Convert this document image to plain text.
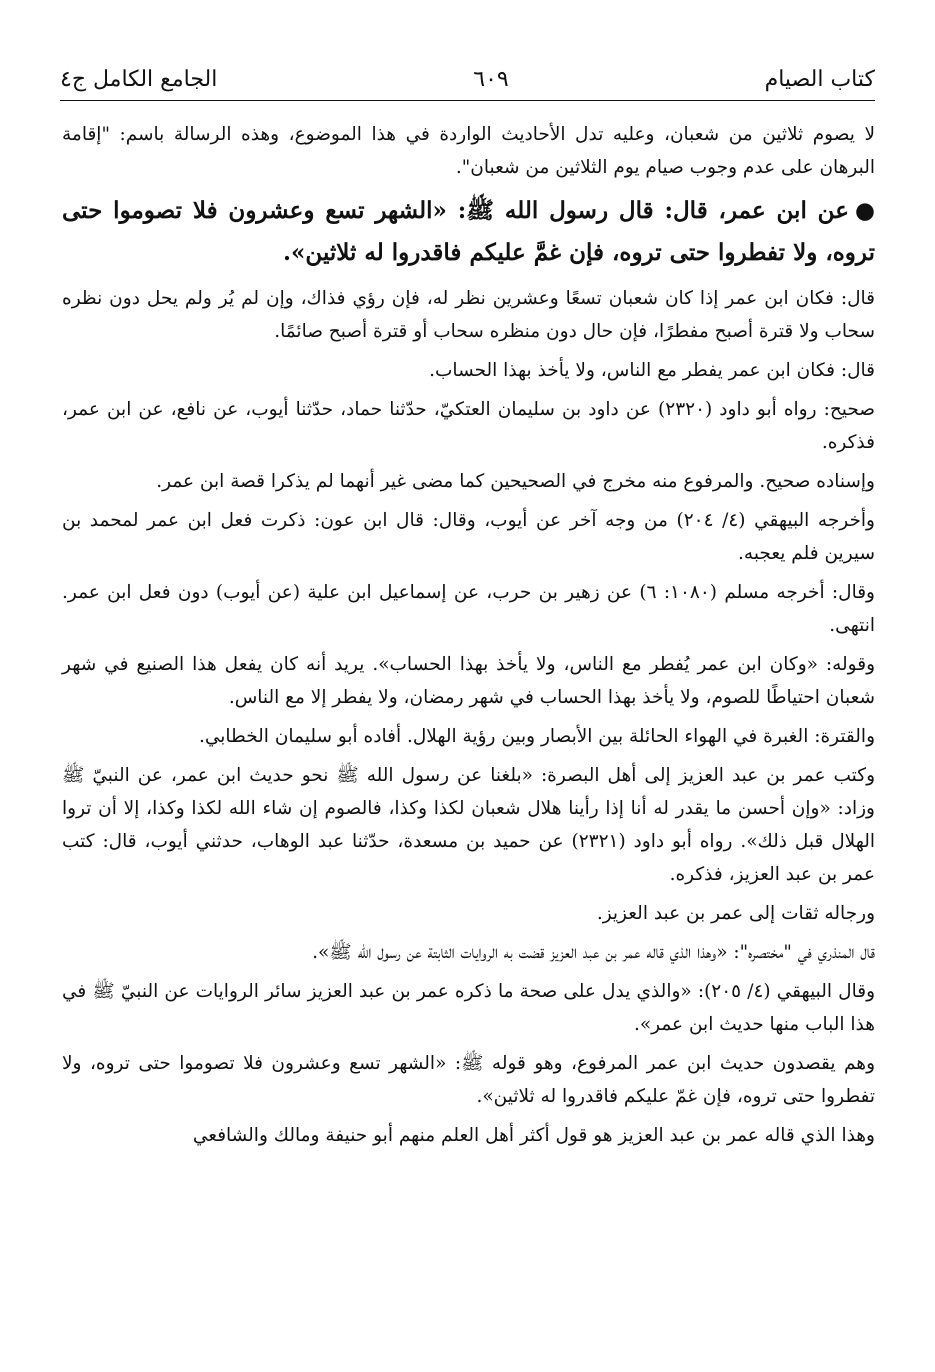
كتاب الصيام
٦٠٩
الجامع الكامل ج٤

لا يصوم ثلاثين من شعبان، وعليه تدل الأحاديث الواردة في هذا الموضوع، وهذه الرسالة باسم: "إقامة البرهان على عدم وجوب صيام يوم الثلاثين من شعبان".

●عن ابن عمر، قال: قال رسول الله ﷺ: «الشهر تسع وعشرون فلا تصوموا حتى تروه، ولا تفطروا حتى تروه، فإن غمَّ عليكم فاقدروا له ثلاثين».

قال: فكان ابن عمر إذا كان شعبان تسعًا وعشرين نظر له، فإن رؤي فذاك، وإن لم يُر ولم يحل دون نظره سحاب ولا قترة أصبح مفطرًا، فإن حال دون منظره سحاب أو قترة أصبح صائمًا.

قال: فكان ابن عمر يفطر مع الناس، ولا يأخذ بهذا الحساب.

صحيح: رواه أبو داود (٢٣٢٠) عن داود بن سليمان العتكيّ، حدّثنا حماد، حدّثنا أيوب، عن نافع، عن ابن عمر، فذكره.

وإسناده صحيح. والمرفوع منه مخرج في الصحيحين كما مضى غير أنهما لم يذكرا قصة ابن عمر.

وأخرجه البيهقي (٤/ ٢٠٤) من وجه آخر عن أيوب، وقال: قال ابن عون: ذكرت فعل ابن عمر لمحمد بن سيرين فلم يعجبه.

وقال: أخرجه مسلم (١٠٨٠: ٦) عن زهير بن حرب، عن إسماعيل ابن علية (عن أيوب) دون فعل ابن عمر. انتهى.

وقوله: «وكان ابن عمر يُفطر مع الناس، ولا يأخذ بهذا الحساب». يريد أنه كان يفعل هذا الصنيع في شهر شعبان احتياطًا للصوم، ولا يأخذ بهذا الحساب في شهر رمضان، ولا يفطر إلا مع الناس.

والقترة: الغبرة في الهواء الحائلة بين الأبصار وبين رؤية الهلال. أفاده أبو سليمان الخطابي.

وكتب عمر بن عبد العزيز إلى أهل البصرة: «بلغنا عن رسول الله ﷺ نحو حديث ابن عمر، عن النبيّ ﷺ وزاد: «وإن أحسن ما يقدر له أنا إذا رأينا هلال شعبان لكذا وكذا، فالصوم إن شاء الله لكذا وكذا، إلا أن تروا الهلال قبل ذلك». رواه أبو داود (٢٣٢١) عن حميد بن مسعدة، حدّثنا عبد الوهاب، حدثني أيوب، قال: كتب عمر بن عبد العزيز، فذكره.

ورجاله ثقات إلى عمر بن عبد العزيز.

قال المنذري في "مختصره": «وهذا الذي قاله عمر بن عبد العزيز قضت به الروايات الثابتة عن رسول الله ﷺ».

وقال البيهقي (٤/ ٢٠٥): «والذي يدل على صحة ما ذكره عمر بن عبد العزيز سائر الروايات عن النبيّ ﷺ في هذا الباب منها حديث ابن عمر».

وهم يقصدون حديث ابن عمر المرفوع، وهو قوله ﷺ: «الشهر تسع وعشرون فلا تصوموا حتى تروه، ولا تفطروا حتى تروه، فإن غمّ عليكم فاقدروا له ثلاثين».

وهذا الذي قاله عمر بن عبد العزيز هو قول أكثر أهل العلم منهم أبو حنيفة ومالك والشافعي
